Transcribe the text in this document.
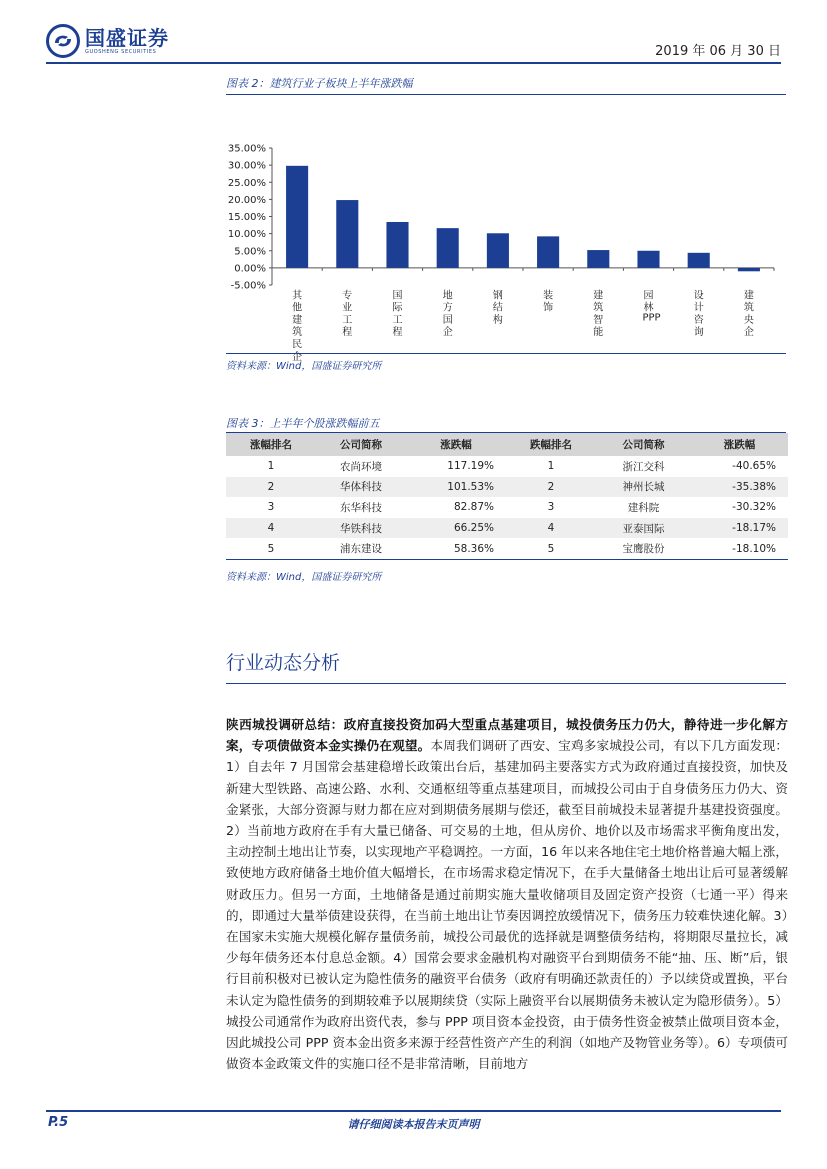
国盛证券
GUOSHENG SECURITIES	2019 年 06 月 30 日
图表 2：建筑行业子板块上半年涨跌幅
35.00%
30.00%
25.00%
20.00%
15.00%
10.00%
5.00%
0.00%
-5.00%
其他建筑民企
专业工程
国际工程
地方国企
钢结构
装饰
建筑智能
园林 PPP
设计咨询
建筑央企
资料来源：Wind，国盛证券研究所
图表 3：上半年个股涨跌幅前五
涨幅排名	公司简称	涨跌幅	跌幅排名	公司简称	涨跌幅
1	农尚环境	117.19%	1	浙江交科	-40.65%
2	华体科技	101.53%	2	神州长城	-35.38%
3	东华科技	82.87%	3	建科院	-30.32%
4	华铁科技	66.25%	4	亚泰国际	-18.17%
5	浦东建设	58.36%	5	宝鹰股份	-18.10%
资料来源：Wind，国盛证券研究所
行业动态分析
陕西城投调研总结：政府直接投资加码大型重点基建项目，城投债务压力仍大，静待进一步化解方案，专项债做资本金实操仍在观望。本周我们调研了西安、宝鸡多家城投公司，有以下几方面发现：1）自去年 7 月国常会基建稳增长政策出台后，基建加码主要落实方式为政府通过直接投资，加快及新建大型铁路、高速公路、水利、交通枢纽等重点基建项目，而城投公司由于自身债务压力仍大、资金紧张，大部分资源与财力都在应对到期债务展期与偿还，截至目前城投未显著提升基建投资强度。2）当前地方政府在手有大量已储备、可交易的土地，但从房价、地价以及市场需求平衡角度出发，主动控制土地出让节奏，以实现地产平稳调控。一方面，16 年以来各地住宅土地价格普遍大幅上涨，致使地方政府储备土地价值大幅增长，在市场需求稳定情况下，在手大量储备土地出让后可显著缓解财政压力。但另一方面，土地储备是通过前期实施大量收储项目及固定资产投资（七通一平）得来的，即通过大量举债建设获得，在当前土地出让节奏因调控放缓情况下，债务压力较难快速化解。3）在国家未实施大规模化解存量债务前，城投公司最优的选择就是调整债务结构，将期限尽量拉长，减少每年债务还本付息总金额。4）国常会要求金融机构对融资平台到期债务不能“抽、压、断”后，银行目前积极对已被认定为隐性债务的融资平台债务（政府有明确还款责任的）予以续贷或置换，平台未认定为隐性债务的到期较难予以展期续贷（实际上融资平台以展期债务未被认定为隐形债务）。5）城投公司通常作为政府出资代表，参与 PPP 项目资本金投资，由于债务性资金被禁止做项目资本金，因此城投公司 PPP 资本金出资多来源于经营性资产产生的利润（如地产及物管业务等）。6）专项债可做资本金政策文件的实施口径不是非常清晰，目前地方
P.5	请仔细阅读本报告末页声明
